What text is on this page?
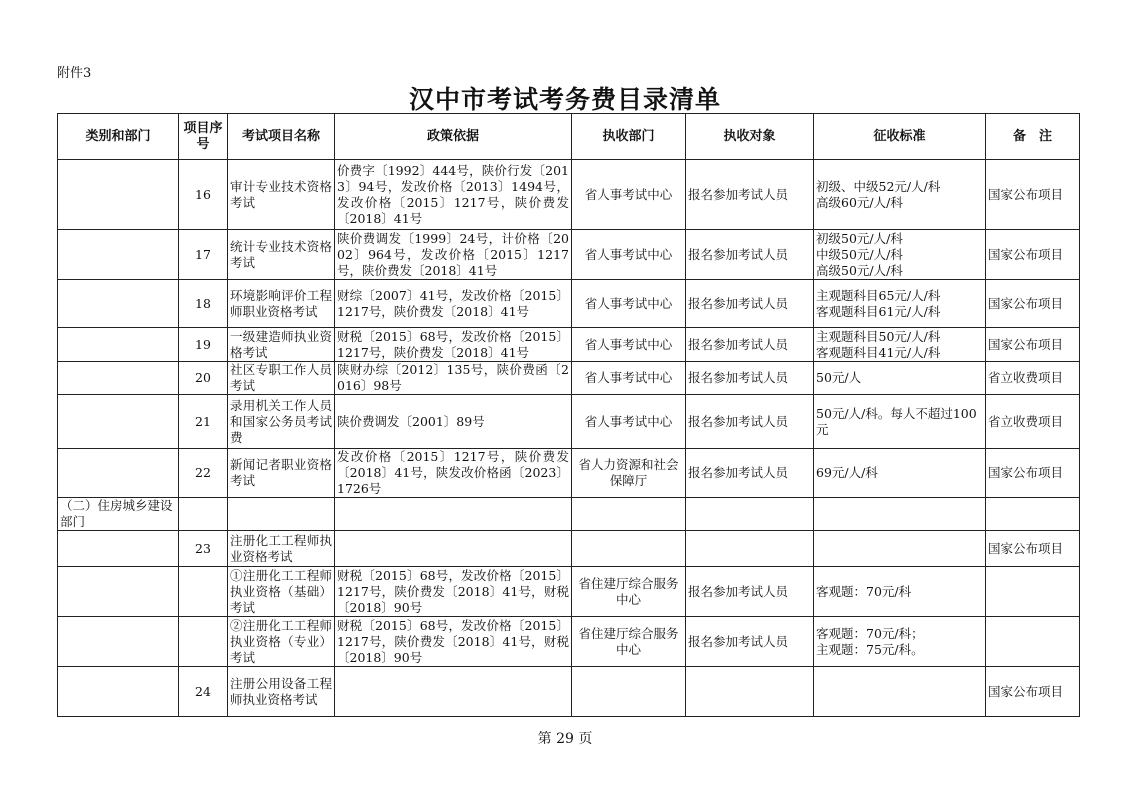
附件3
汉中市考试考务费目录清单
类别和部门	项目序号	考试项目名称	政策依据	执收部门	执收对象	征收标准	备　注
	16	审计专业技术资格考试	价费字〔1992〕444号，陕价行发〔2013〕94号，发改价格〔2013〕1494号，发改价格〔2015〕1217号，陕价费发〔2018〕41号	省人事考试中心	报名参加考试人员	初级、中级52元/人/科
高级60元/人/科	国家公布项目
	17	统计专业技术资格考试	陕价费调发〔1999〕24号，计价格〔2002〕964号，发改价格〔2015〕1217号，陕价费发〔2018〕41号	省人事考试中心	报名参加考试人员	初级50元/人/科
中级50元/人/科
高级50元/人/科	国家公布项目
	18	环境影响评价工程师职业资格考试	财综〔2007〕41号，发改价格〔2015〕1217号，陕价费发〔2018〕41号	省人事考试中心	报名参加考试人员	主观题科目65元/人/科
客观题科目61元/人/科	国家公布项目
	19	一级建造师执业资格考试	财税〔2015〕68号，发改价格〔2015〕1217号，陕价费发〔2018〕41号	省人事考试中心	报名参加考试人员	主观题科目50元/人/科
客观题科目41元/人/科	国家公布项目
	20	社区专职工作人员考试	陕财办综〔2012〕135号，陕价费函〔2016〕98号	省人事考试中心	报名参加考试人员	50元/人	省立收费项目
	21	录用机关工作人员和国家公务员考试费	陕价费调发〔2001〕89号	省人事考试中心	报名参加考试人员	50元/人/科。每人不超过100元	省立收费项目
	22	新闻记者职业资格考试	发改价格〔2015〕1217号，陕价费发〔2018〕41号，陕发改价格函〔2023〕1726号	省人力资源和社会保障厅	报名参加考试人员	69元/人/科	国家公布项目
（二）住房城乡建设部门							
	23	注册化工工程师执业资格考试					国家公布项目
		①注册化工工程师执业资格（基础）考试	财税〔2015〕68号，发改价格〔2015〕1217号，陕价费发〔2018〕41号，财税〔2018〕90号	省住建厅综合服务中心	报名参加考试人员	客观题：70元/科	

		②注册化工工程师执业资格（专业）考试	财税〔2015〕68号，发改价格〔2015〕1217号，陕价费发〔2018〕41号，财税〔2018〕90号	省住建厅综合服务中心	报名参加考试人员	客观题：70元/科；
主观题：75元/科。	

	24	注册公用设备工程师执业资格考试					国家公布项目
第 29 页
